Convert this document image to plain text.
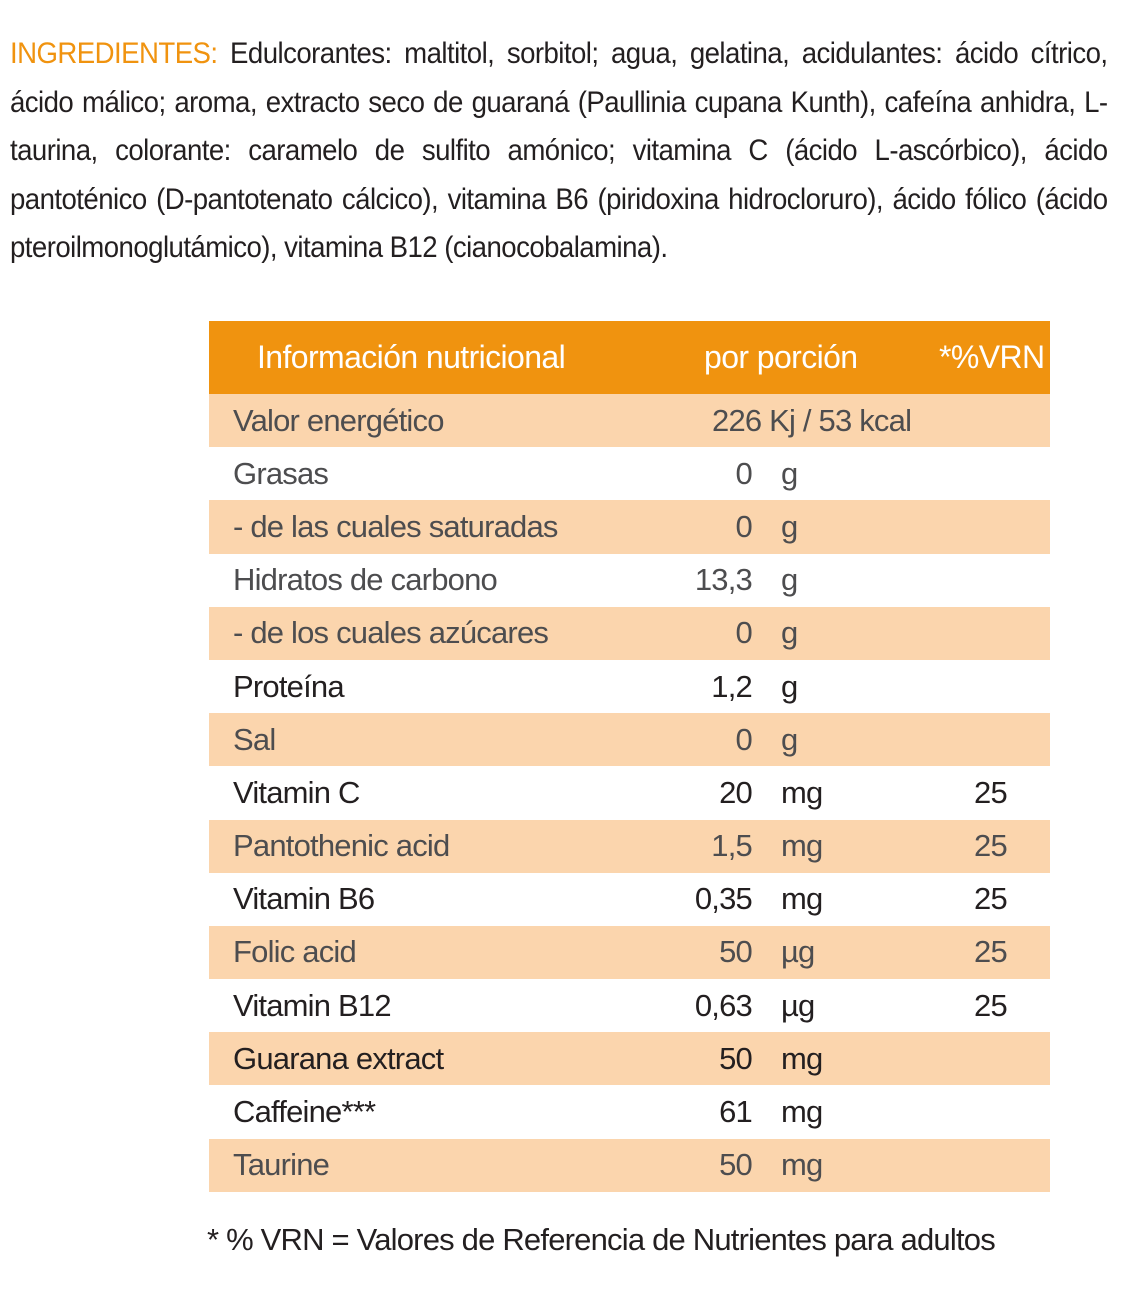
INGREDIENTES: Edulcorantes: maltitol, sorbitol; agua, gelatina, acidulantes: ácido cítrico, ácido málico; aroma, extracto seco de guaraná (Paullinia cupana Kunth), cafeína anhidra, L-taurina, colorante: caramelo de sulfito amónico; vitamina C (ácido L-ascórbico), ácido pantoténico (D-pantotenato cálcico), vitamina B6 (piridoxina hidrocloruro), ácido fólico (ácido pteroilmonoglutámico), vitamina B12 (cianocobalamina).
Información nutricional	por porción	*%VRN
Valor energético	226 Kj / 53 kcal
Grasas	0 g
- de las cuales saturadas	0 g
Hidratos de carbono	13,3 g
- de los cuales azúcares	0 g
Proteína	1,2 g
Sal	0 g
Vitamin C	20 mg	25
Pantothenic acid	1,5 mg	25
Vitamin B6	0,35 mg	25
Folic acid	50 µg	25
Vitamin B12	0,63 µg	25
Guarana extract	50 mg
Caffeine***	61 mg
Taurine	50 mg
* % VRN = Valores de Referencia de Nutrientes para adultos
